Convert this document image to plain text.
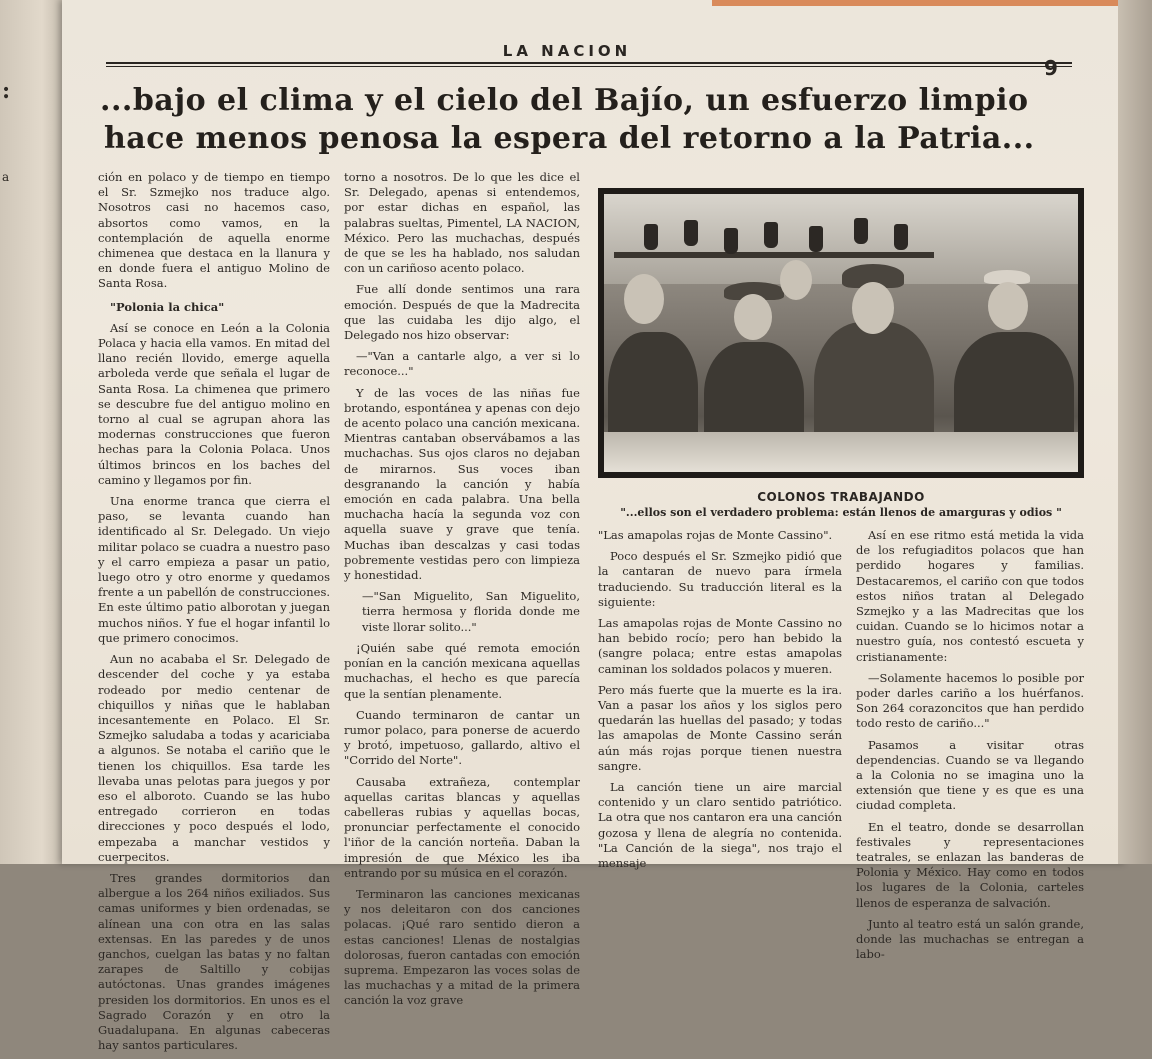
:
a
LA NACION
9
...bajo el clima y el cielo del Bajío, un esfuerzo limpio
hace menos penosa la espera del retorno a la Patria...

ción en polaco y de tiempo en tiempo el Sr. Szmejko nos traduce algo. Nosotros casi no hacemos caso, absortos como vamos, en la contemplación de aquella enorme chimenea que destaca en la llanura y en donde fuera el antiguo Molino de Santa Rosa.

"Polonia la chica"

Así se conoce en León a la Colonia Polaca y hacia ella vamos. En mitad del llano recién llovido, emerge aquella arboleda verde que señala el lugar de Santa Rosa. La chimenea que primero se descubre fue del antiguo molino en torno al cual se agrupan ahora las modernas construcciones que fueron hechas para la Colonia Polaca. Unos últimos brincos en los baches del camino y llegamos por fin.

Una enorme tranca que cierra el paso, se levanta cuando han identificado al Sr. Delegado. Un viejo militar polaco se cuadra a nuestro paso y el carro empieza a pasar un patio, luego otro y otro enorme y quedamos frente a un pabellón de construcciones. En este último patio alborotan y juegan muchos niños. Y fue el hogar infantil lo que primero conocimos.

Aun no acababa el Sr. Delegado de descender del coche y ya estaba rodeado por medio centenar de chiquillos y niñas que le hablaban incesantemente en Polaco. El Sr. Szmejko saludaba a todas y acariciaba a algunos. Se notaba el cariño que le tienen los chiquillos. Esa tarde les llevaba unas pelotas para juegos y por eso el alboroto. Cuando se las hubo entregado corrieron en todas direcciones y poco después el lodo, empezaba a manchar vestidos y cuerpecitos.

Tres grandes dormitorios dan albergue a los 264 niños exiliados. Sus camas uniformes y bien ordenadas, se alínean una con otra en las salas extensas. En las paredes y de unos ganchos, cuelgan las batas y no faltan zarapes de Saltillo y cobijas autóctonas. Unas grandes imágenes presiden los dormitorios. En unos es el Sagrado Corazón y en otro la Guadalupana. En algunas cabeceras hay santos particulares.

torno a nosotros. De lo que les dice el Sr. Delegado, apenas si entendemos, por estar dichas en español, las palabras sueltas, Pimentel, LA NACION, México. Pero las muchachas, después de que se les ha hablado, nos saludan con un cariñoso acento polaco.

Fue allí donde sentimos una rara emoción. Después de que la Madrecita que las cuidaba les dijo algo, el Delegado nos hizo observar:

—"Van a cantarle algo, a ver si lo reconoce..."

Y de las voces de las niñas fue brotando, espontánea y apenas con dejo de acento polaco una canción mexicana. Mientras cantaban observábamos a las muchachas. Sus ojos claros no dejaban de mirarnos. Sus voces iban desgranando la canción y había emoción en cada palabra. Una bella muchacha hacía la segunda voz con aquella suave y grave que tenía. Muchas iban descalzas y casi todas pobremente vestidas pero con limpieza y honestidad.

—"San Miguelito, San Miguelito, tierra hermosa y florida donde me viste llorar solito..."

¡Quién sabe qué remota emoción ponían en la canción mexicana aquellas muchachas, el hecho es que parecía que la sentían plenamente.

Cuando terminaron de cantar un rumor polaco, para ponerse de acuerdo y brotó, impetuoso, gallardo, altivo el "Corrido del Norte".

Causaba extrañeza, contemplar aquellas caritas blancas y aquellas cabelleras rubias y aquellas bocas, pronunciar perfectamente el conocido l'iñor de la canción norteña. Daban la impresión de que México les iba entrando por su música en el corazón.

Terminaron las canciones mexicanas y nos deleitaron con dos canciones polacas. ¡Qué raro sentido dieron a estas canciones! Llenas de nostalgias dolorosas, fueron cantadas con emoción suprema. Empezaron las voces solas de las muchachas y a mitad de la primera canción la voz grave

COLONOS TRABAJANDO
"...ellos son el verdadero problema: están llenos de amarguras y odios "

"Las amapolas rojas de Monte Cassino".

Poco después el Sr. Szmejko pidió que la cantaran de nuevo para írmela traduciendo. Su traducción literal es la siguiente:

Las amapolas rojas de Monte Cassino no han bebido rocío; pero han bebido la (sangre polaca; entre estas amapolas caminan los soldados polacos y mueren.

Pero más fuerte que la muerte es la ira. Van a pasar los años y los siglos pero quedarán las huellas del pasado; y todas las amapolas de Monte Cassino serán aún más rojas porque tienen nuestra sangre.

La canción tiene un aire marcial contenido y un claro sentido patriótico. La otra que nos cantaron era una canción gozosa y llena de alegría no contenida. "La Canción de la siega", nos trajo el mensaje

Así en ese ritmo está metida la vida de los refugiaditos polacos que han perdido hogares y familias. Destacaremos, el cariño con que todos estos niños tratan al Delegado Szmejko y a las Madrecitas que los cuidan. Cuando se lo hicimos notar a nuestro guía, nos contestó escueta y cristianamente:

—Solamente hacemos lo posible por poder darles cariño a los huérfanos. Son 264 corazoncitos que han perdido todo resto de cariño..."

Pasamos a visitar otras dependencias. Cuando se va llegando a la Colonia no se imagina uno la extensión que tiene y es que es una ciudad completa.

En el teatro, donde se desarrollan festivales y representaciones teatrales, se enlazan las banderas de Polonia y México. Hay como en todos los lugares de la Colonia, carteles llenos de esperanza de salvación.

Junto al teatro está un salón grande, donde las muchachas se entregan a labo-
